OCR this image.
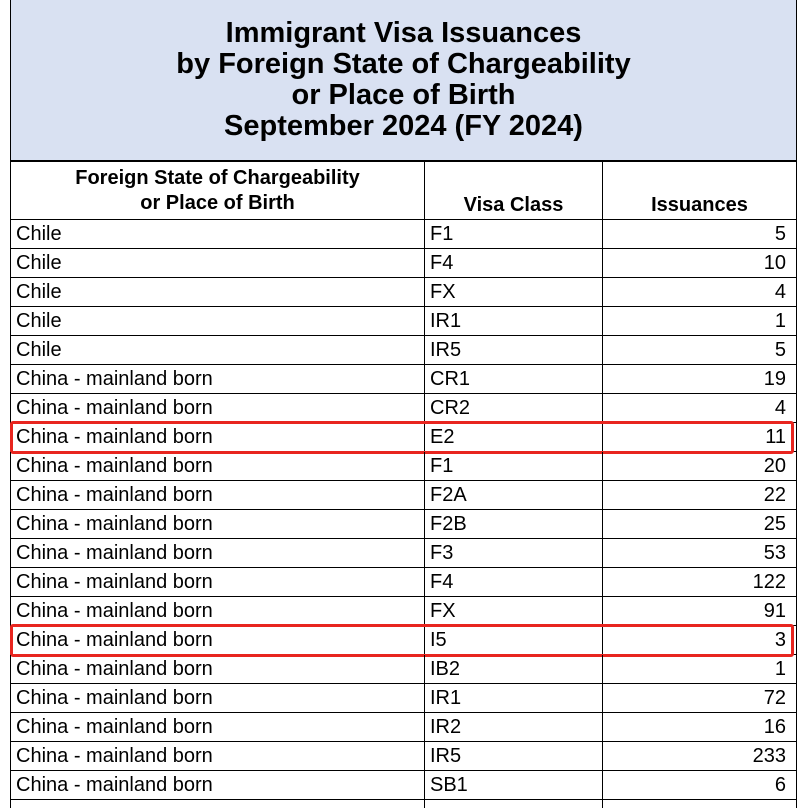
Immigrant Visa Issuances
by Foreign State of Chargeability
or Place of Birth
September 2024 (FY 2024)
Foreign State of Chargeability
or Place of Birth	Visa Class	Issuances
Chile	F1	5
Chile	F4	10
Chile	FX	4
Chile	IR1	1
Chile	IR5	5
China - mainland born	CR1	19
China - mainland born	CR2	4
China - mainland born	E2	11
China - mainland born	F1	20
China - mainland born	F2A	22
China - mainland born	F2B	25
China - mainland born	F3	53
China - mainland born	F4	122
China - mainland born	FX	91
China - mainland born	I5	3
China - mainland born	IB2	1
China - mainland born	IR1	72
China - mainland born	IR2	16
China - mainland born	IR5	233
China - mainland born	SB1	6
